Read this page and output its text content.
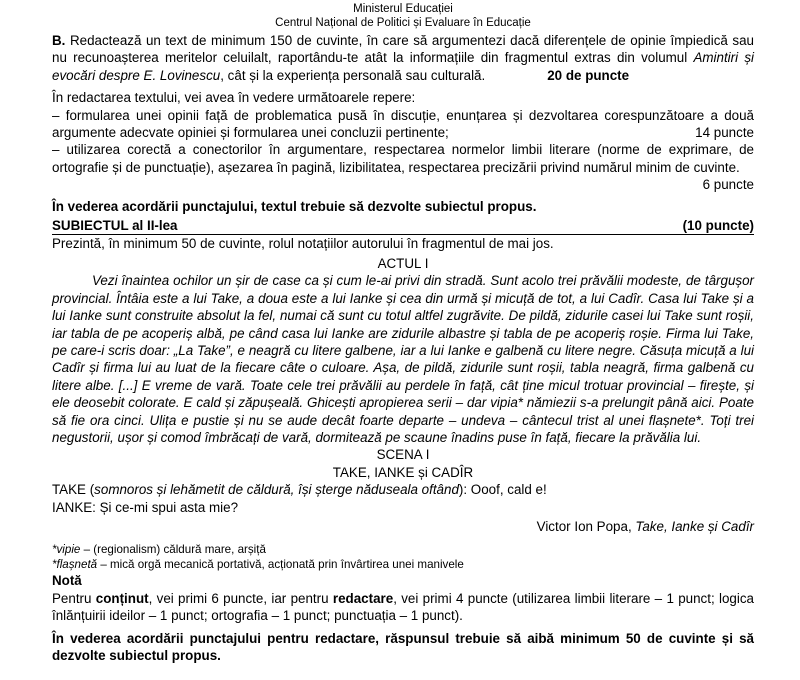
Ministerul Educației
Centrul Național de Politici și Evaluare în Educație

B. Redactează un text de minimum 150 de cuvinte, în care să argumentezi dacă diferențele de opinie împiedică sau nu recunoașterea meritelor celuilalt, raportându-te atât la informațiile din fragmentul extras din volumul Amintiri și evocări despre E. Lovinescu, cât și la experiența personală sau culturală.	20 de puncte

În redactarea textului, vei avea în vedere următoarele repere:

– formularea unei opinii față de problematica pusă în discuție, enunțarea și dezvoltarea corespunzătoare a două argumente adecvate opiniei și formularea unei concluzii pertinente;	14 puncte

– utilizarea corectă a conectorilor în argumentare, respectarea normelor limbii literare (norme de exprimare, de ortografie și de punctuație), așezarea în pagină, lizibilitatea, respectarea precizării privind numărul minim de cuvinte.

6 puncte

În vederea acordării punctajului, textul trebuie să dezvolte subiectul propus.

SUBIECTUL al II-lea	(10 puncte)

Prezintă, în minimum 50 de cuvinte, rolul notațiilor autorului în fragmentul de mai jos.

ACTUL I

Vezi înaintea ochilor un șir de case ca și cum le-ai privi din stradă. Sunt acolo trei prăvălii modeste, de târgușor provincial. Întâia este a lui Take, a doua este a lui Ianke și cea din urmă și micuță de tot, a lui Cadîr. Casa lui Take și a lui Ianke sunt construite absolut la fel, numai că sunt cu totul altfel zugrăvite. De pildă, zidurile casei lui Take sunt roșii, iar tabla de pe acoperiș albă, pe când casa lui Ianke are zidurile albastre și tabla de pe acoperiș roșie. Firma lui Take, pe care-i scris doar: „La Take”, e neagră cu litere galbene, iar a lui Ianke e galbenă cu litere negre. Căsuța micuță a lui Cadîr și firma lui au luat de la fiecare câte o culoare. Așa, de pildă, zidurile sunt roșii, tabla neagră, firma galbenă cu litere albe. [...] E vreme de vară. Toate cele trei prăvălii au perdele în față, cât ține micul trotuar provincial – firește, și ele deosebit colorate. E cald și zăpușeală. Ghicești apropierea serii – dar vipia* nămiezii s-a prelungit până aici. Poate să fie ora cinci. Ulița e pustie și nu se aude decât foarte departe – undeva – cântecul trist al unei flașnete*. Toți trei negustorii, ușor și comod îmbrăcați de vară, dormitează pe scaune înadins puse în față, fiecare la prăvălia lui.

SCENA I

TAKE, IANKE și CADÎR

TAKE (somnoros și lehămetit de căldură, își șterge năduseala oftând): Ooof, cald e!

IANKE: Și ce-mi spui asta mie?

Victor Ion Popa, Take, Ianke și Cadîr

*vipie – (regionalism) căldură mare, arșiță

*flașnetă – mică orgă mecanică portativă, acționată prin învârtirea unei manivele

Notă

Pentru conținut, vei primi 6 puncte, iar pentru redactare, vei primi 4 puncte (utilizarea limbii literare – 1 punct; logica înlănțuirii ideilor – 1 punct; ortografia – 1 punct; punctuația – 1 punct).

În vederea acordării punctajului pentru redactare, răspunsul trebuie să aibă minimum 50 de cuvinte și să dezvolte subiectul propus.
